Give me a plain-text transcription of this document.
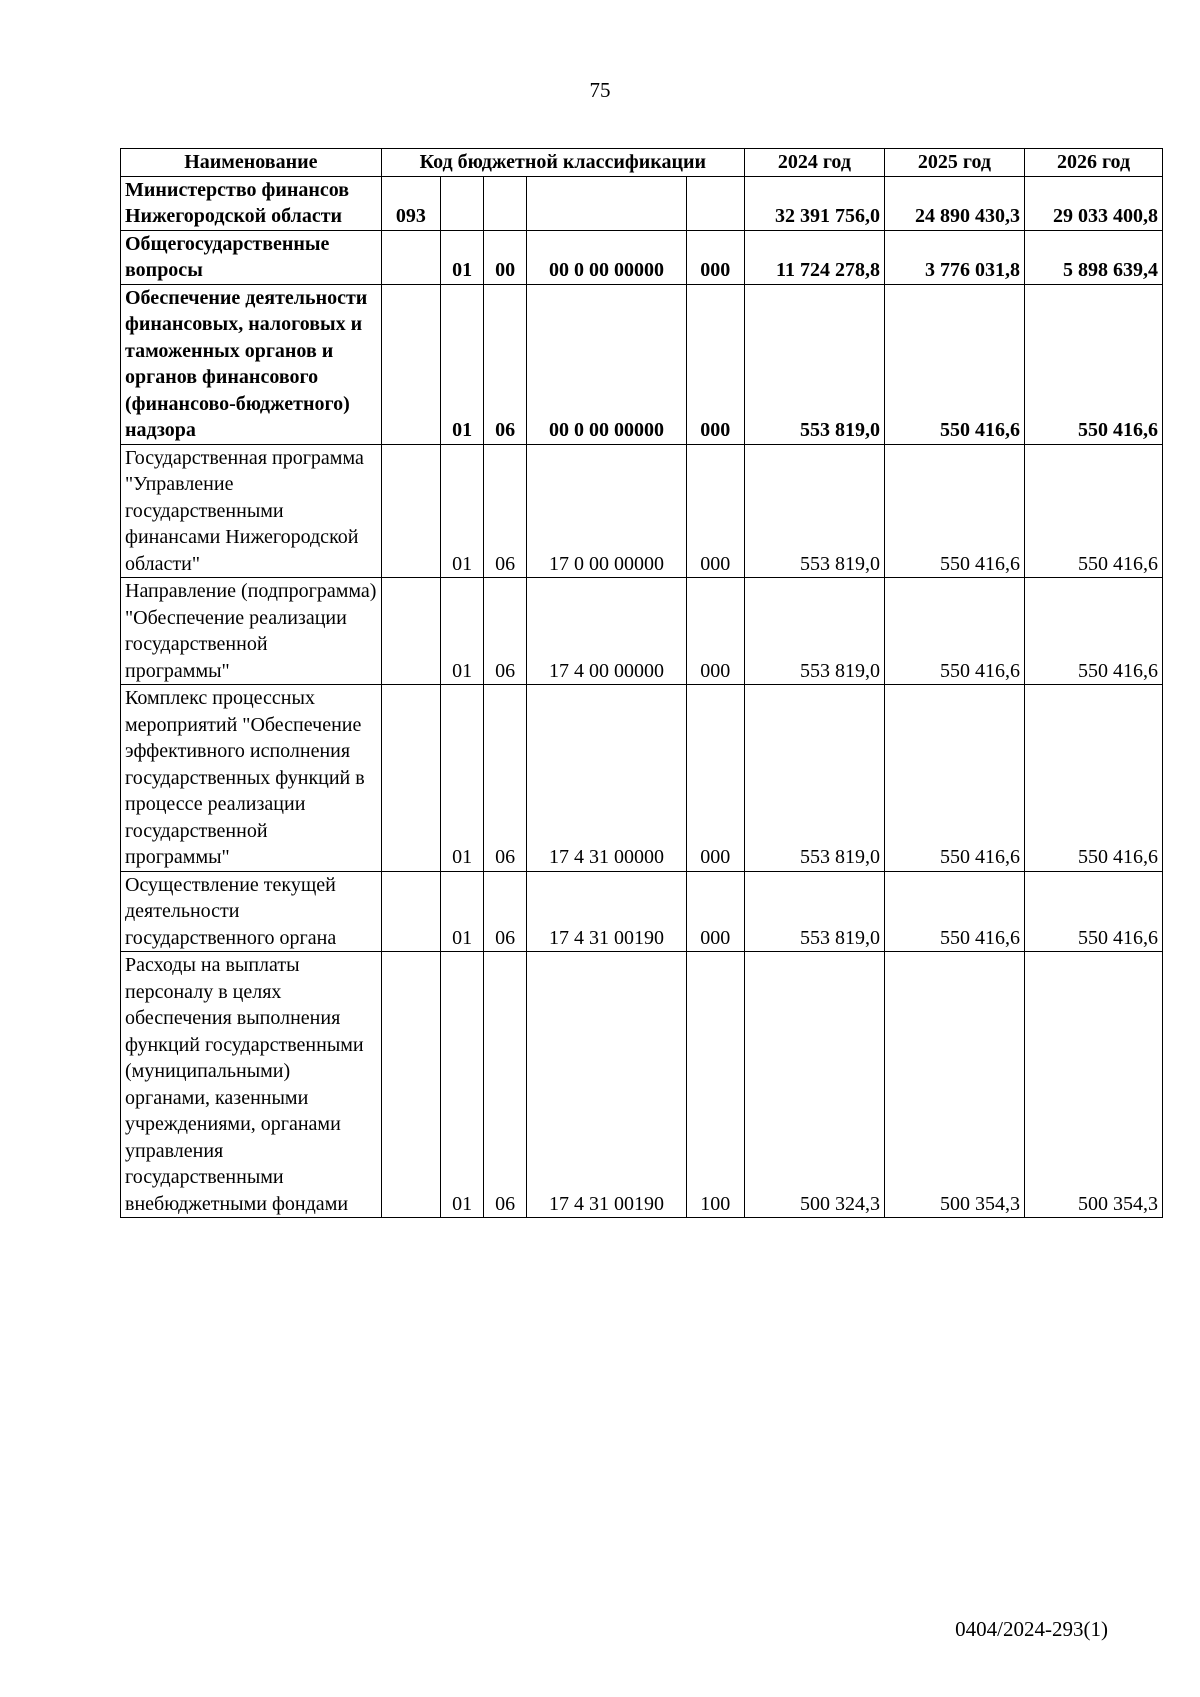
75
Наименование	Код бюджетной классификации					2024 год	2025 год	2026 год
Министерство финансов Нижегородской области	093					32 391 756,0	24 890 430,3	29 033 400,8
Общегосударственные вопросы		01	00	00 0 00 00000	000	11 724 278,8	3 776 031,8	5 898 639,4
Обеспечение деятельности финансовых, налоговых и таможенных органов и органов финансового (финансово-бюджетного) надзора		01	06	00 0 00 00000	000	553 819,0	550 416,6	550 416,6
Государственная программа "Управление государственными финансами Нижегородской области"		01	06	17 0 00 00000	000	553 819,0	550 416,6	550 416,6
Направление (подпрограмма) "Обеспечение реализации государственной программы"		01	06	17 4 00 00000	000	553 819,0	550 416,6	550 416,6
Комплекс процессных мероприятий "Обеспечение эффективного исполнения государственных функций в процессе реализации государственной программы"		01	06	17 4 31 00000	000	553 819,0	550 416,6	550 416,6
Осуществление текущей деятельности государственного органа		01	06	17 4 31 00190	000	553 819,0	550 416,6	550 416,6
Расходы на выплаты персоналу в целях обеспечения выполнения функций государственными (муниципальными) органами, казенными учреждениями, органами управления государственными внебюджетными фондами		01	06	17 4 31 00190	100	500 324,3	500 354,3	500 354,3
0404/2024-293(1)
